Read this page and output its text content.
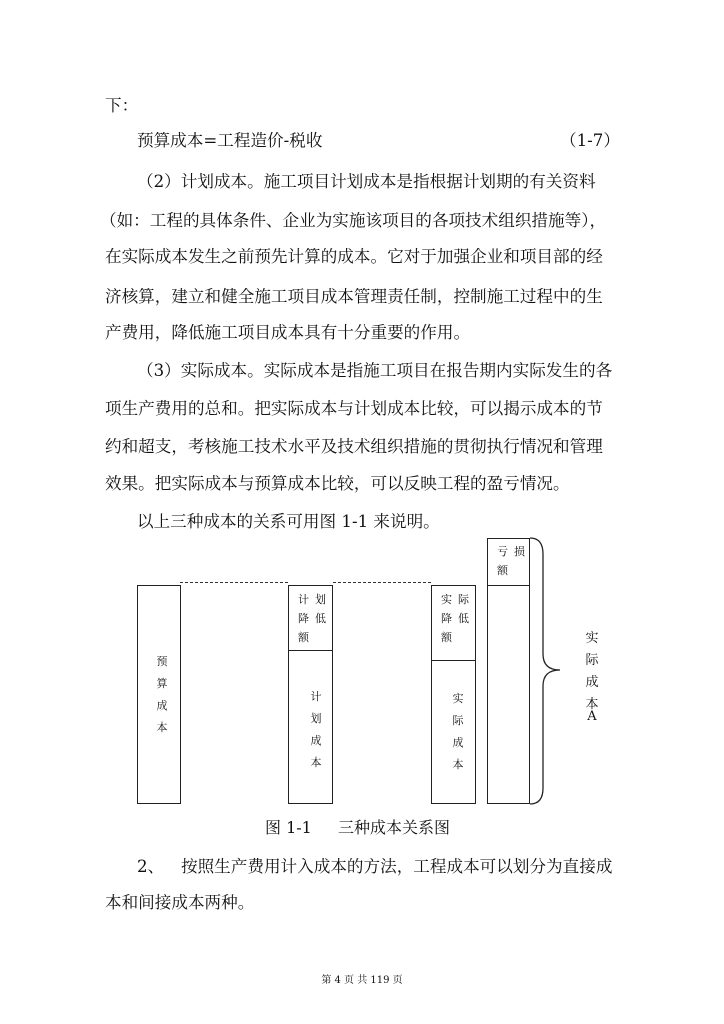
下：
预算成本=工程造价-税收	（1-7）
（2）计划成本。施工项目计划成本是指根据计划期的有关资料
（如：工程的具体条件、企业为实施该项目的各项技术组织措施等），
在实际成本发生之前预先计算的成本。它对于加强企业和项目部的经
济核算，建立和健全施工项目成本管理责任制，控制施工过程中的生
产费用，降低施工项目成本具有十分重要的作用。
（3）实际成本。实际成本是指施工项目在报告期内实际发生的各
项生产费用的总和。把实际成本与计划成本比较，可以揭示成本的节
约和超支，考核施工技术水平及技术组织措施的贯彻执行情况和管理
效果。把实际成本与预算成本比较，可以反映工程的盈亏情况。
以上三种成本的关系可用图 1-1 来说明。
预算成本
计划
降低
额
计划成本
实际
降低
额
实际成本
亏损
额
实际成本
A
图 1-1 三种成本关系图
2、 按照生产费用计入成本的方法，工程成本可以划分为直接成
本和间接成本两种。
第 4 页 共 119 页
